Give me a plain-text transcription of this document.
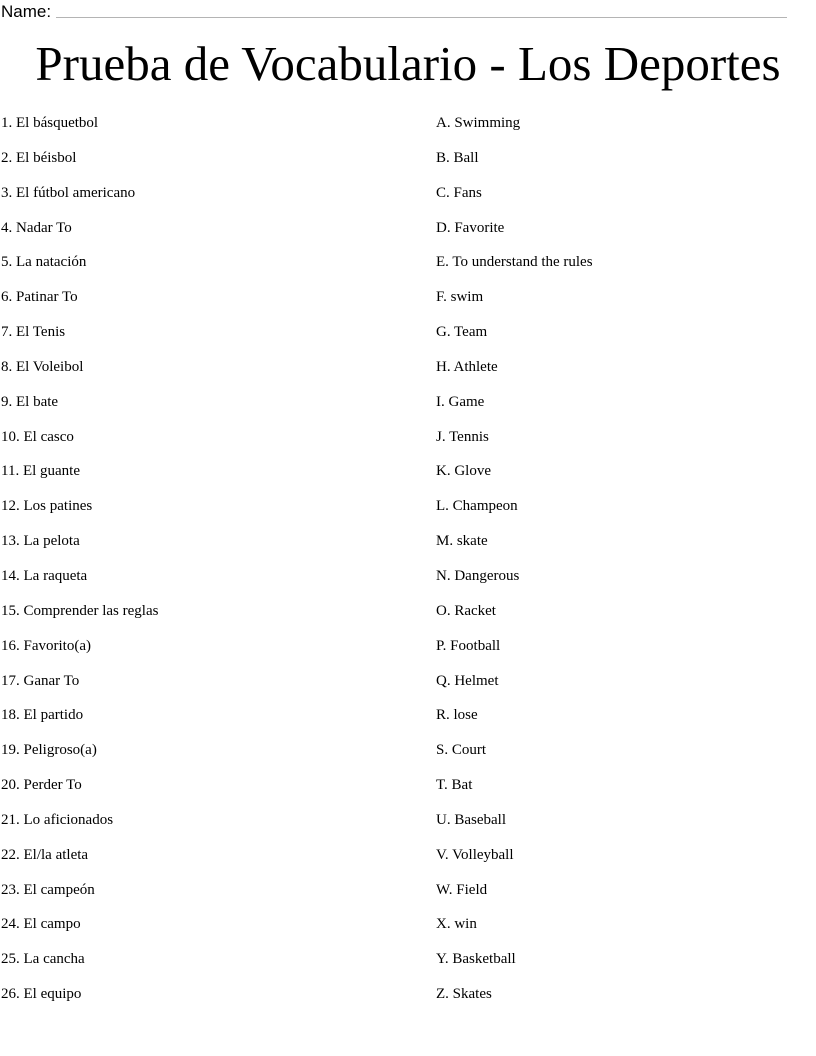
Name:
Prueba de Vocabulario - Los Deportes
1. El básquetbol
2. El béisbol
3. El fútbol americano
4. Nadar To
5. La natación
6. Patinar To
7. El Tenis
8. El Voleibol
9. El bate
10. El casco
11. El guante
12. Los patines
13. La pelota
14. La raqueta
15. Comprender las reglas
16. Favorito(a)
17. Ganar To
18. El partido
19. Peligroso(a)
20. Perder To
21. Lo aficionados
22. El/la atleta
23. El campeón
24. El campo
25. La cancha
26. El equipo
A. Swimming
B. Ball
C. Fans
D. Favorite
E. To understand the rules
F. swim
G. Team
H. Athlete
I. Game
J. Tennis
K. Glove
L. Champeon
M. skate
N. Dangerous
O. Racket
P. Football
Q. Helmet
R. lose
S. Court
T. Bat
U. Baseball
V. Volleyball
W. Field
X. win
Y. Basketball
Z. Skates
